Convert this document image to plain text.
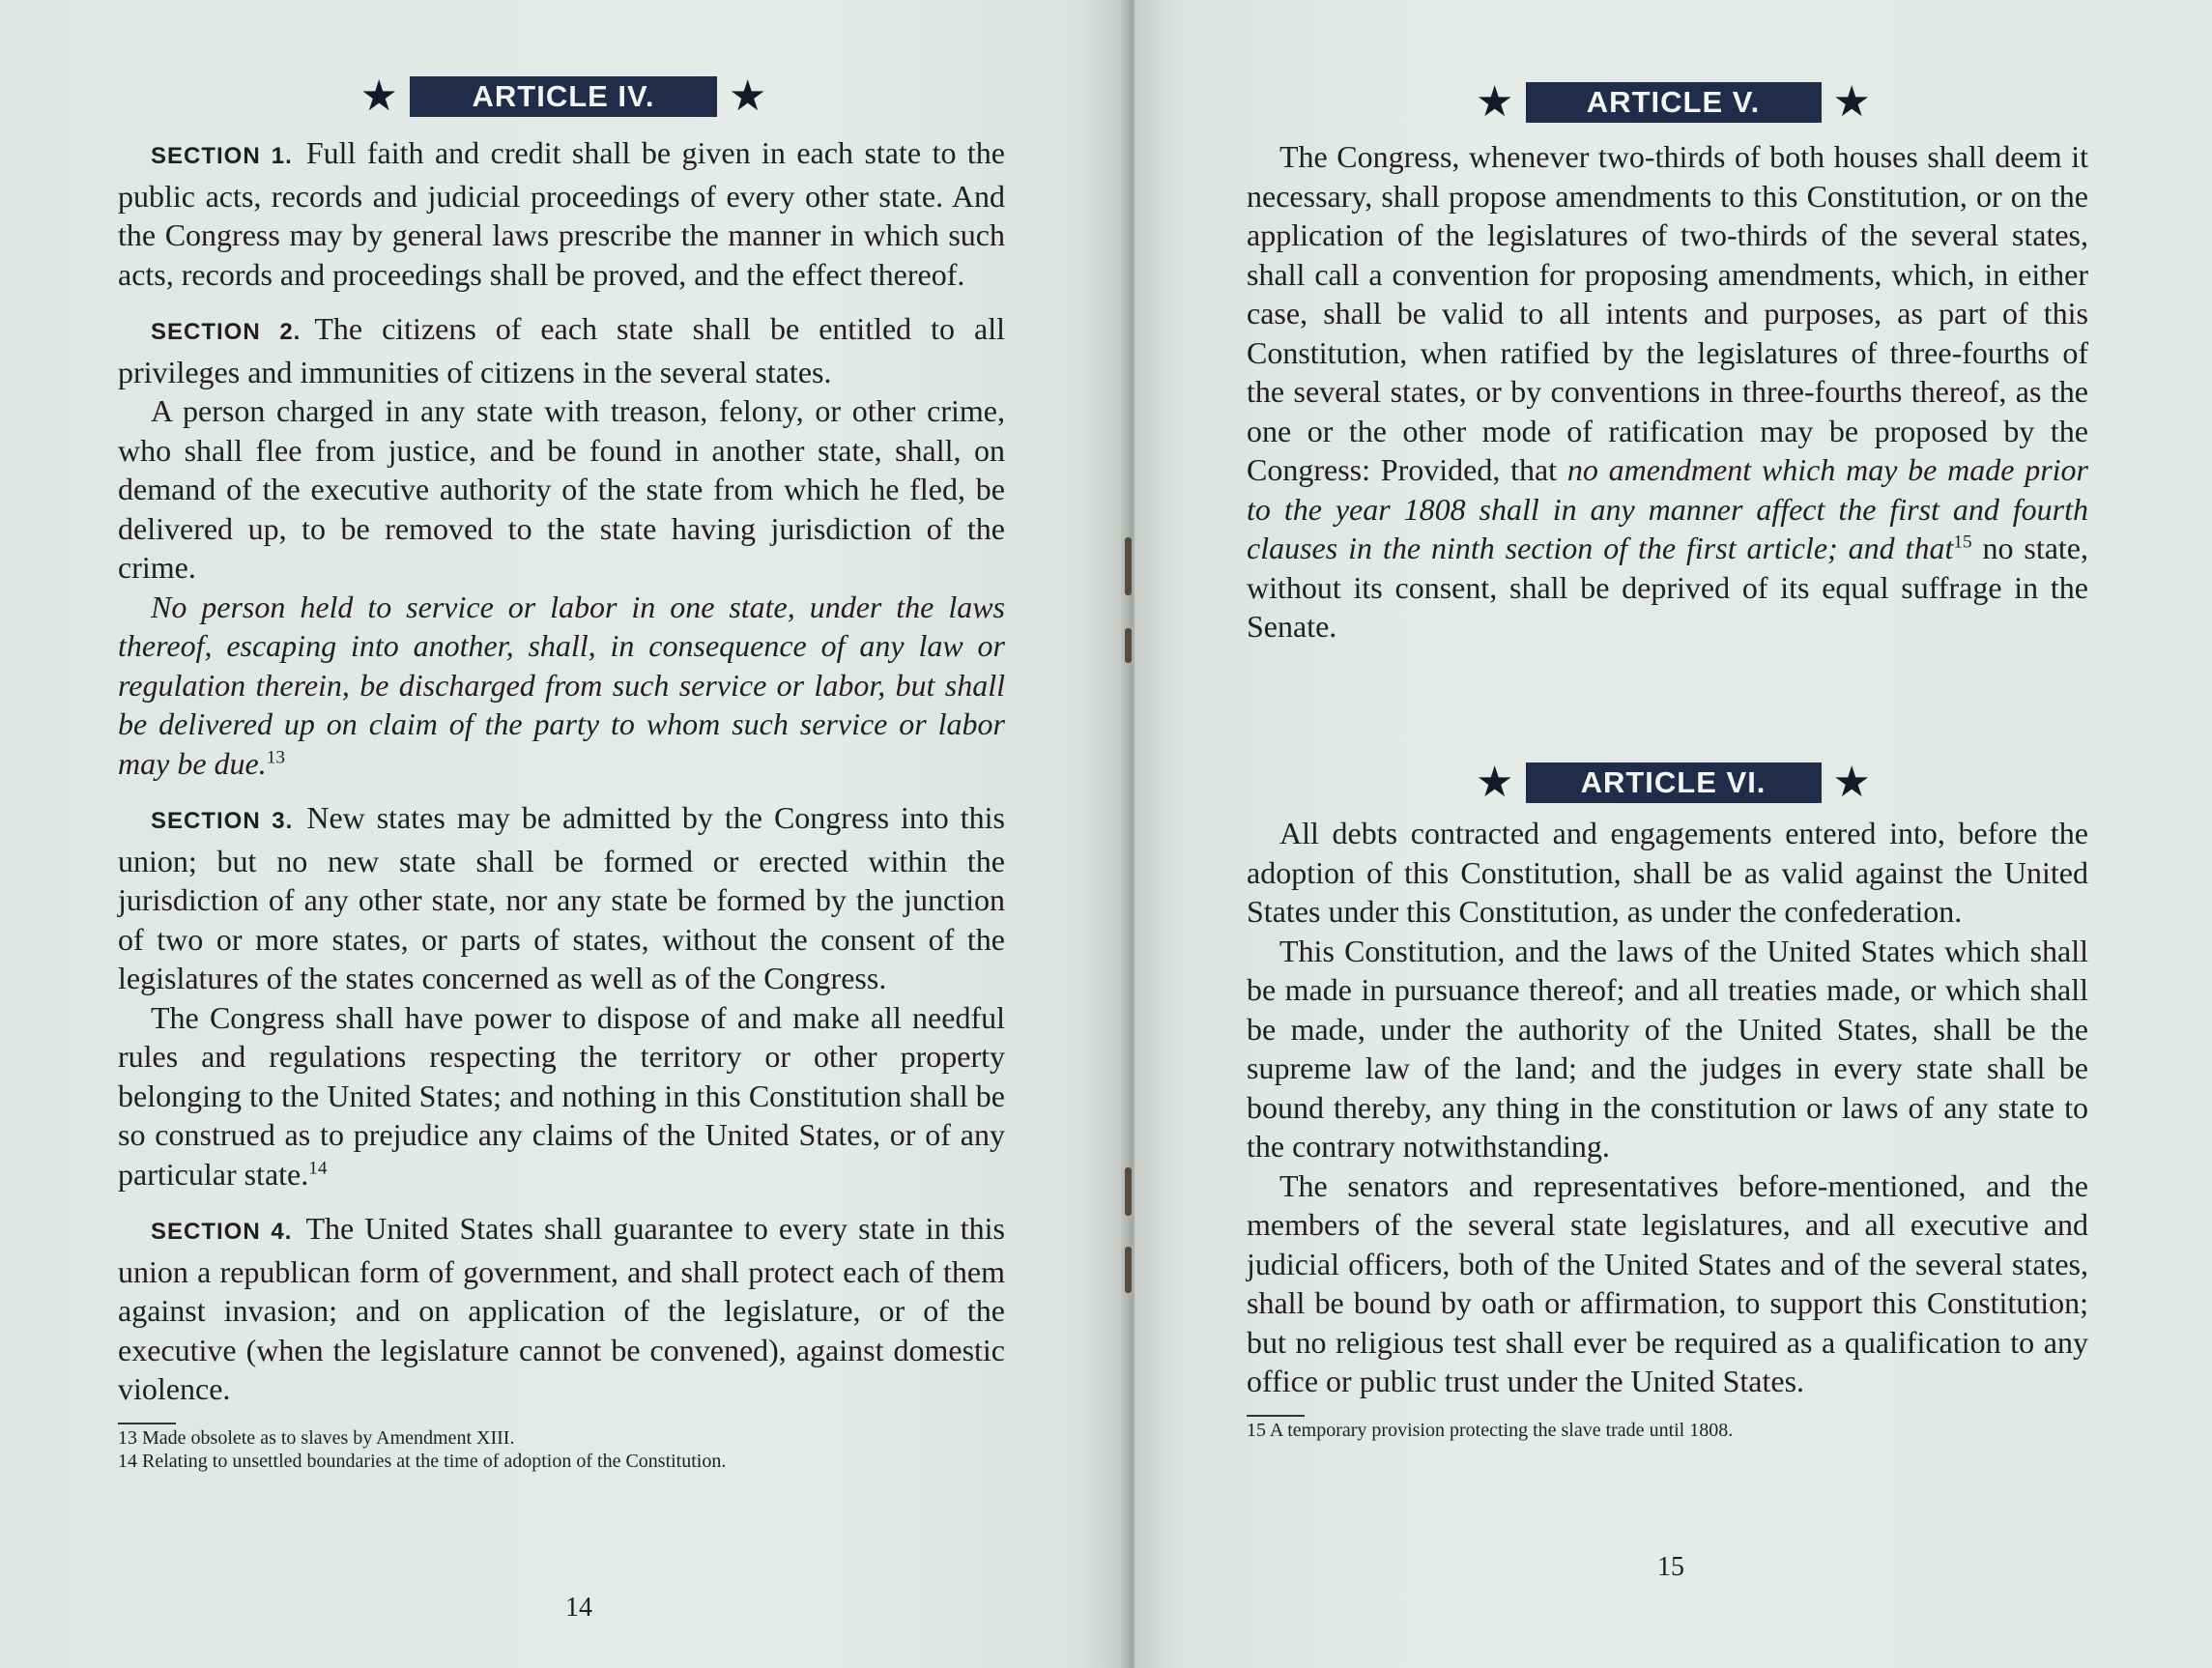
★	ARTICLE IV.	★

SECTION 1. Full faith and credit shall be given in each state to the public acts, records and judicial proceedings of every other state. And the Congress may by general laws prescribe the manner in which such acts, records and proceedings shall be proved, and the effect thereof.

SECTION 2. The citizens of each state shall be entitled to all privileges and immunities of citizens in the several states.

A person charged in any state with treason, felony, or other crime, who shall flee from justice, and be found in another state, shall, on demand of the executive authority of the state from which he fled, be delivered up, to be removed to the state having jurisdiction of the crime.

No person held to service or labor in one state, under the laws thereof, escaping into another, shall, in consequence of any law or regulation therein, be discharged from such service or labor, but shall be delivered up on claim of the party to whom such service or labor may be due.$^{13}$

SECTION 3. New states may be admitted by the Congress into this union; but no new state shall be formed or erected within the jurisdiction of any other state, nor any state be formed by the junction of two or more states, or parts of states, without the consent of the legislatures of the states concerned as well as of the Congress.

The Congress shall have power to dispose of and make all needful rules and regulations respecting the territory or other property belonging to the United States; and nothing in this Constitution shall be so construed as to prejudice any claims of the United States, or of any particular state.$^{14}$

SECTION 4. The United States shall guarantee to every state in this union a republican form of government, and shall protect each of them against invasion; and on application of the legislature, or of the executive (when the legislature cannot be convened), against domestic violence.

13 Made obsolete as to slaves by Amendment XIII.
14 Relating to unsettled boundaries at the time of adoption of the Constitution.
14
★	ARTICLE V.	★
★	ARTICLE VI.	★
15

The Congress, whenever two-thirds of both houses shall deem it necessary, shall propose amendments to this Constitution, or on the application of the legislatures of two-thirds of the several states, shall call a convention for proposing amendments, which, in either case, shall be valid to all intents and purposes, as part of this Constitution, when ratified by the legislatures of three-fourths of the several states, or by conventions in three-fourths thereof, as the one or the other mode of ratification may be proposed by the Congress: Provided, that no amendment which may be made prior to the year 1808 shall in any manner affect the first and fourth clauses in the ninth section of the first article; and that$^{15}$ no state, without its consent, shall be deprived of its equal suffrage in the Senate.

All debts contracted and engagements entered into, before the adoption of this Constitution, shall be as valid against the United States under this Constitution, as under the confederation.

This Constitution, and the laws of the United States which shall be made in pursuance thereof; and all treaties made, or which shall be made, under the authority of the United States, shall be the supreme law of the land; and the judges in every state shall be bound thereby, any thing in the constitution or laws of any state to the contrary notwithstanding.

The senators and representatives before-mentioned, and the members of the several state legislatures, and all executive and judicial officers, both of the United States and of the several states, shall be bound by oath or affirmation, to support this Constitution; but no religious test shall ever be required as a qualification to any office or public trust under the United States.

15 A temporary provision protecting the slave trade until 1808.
